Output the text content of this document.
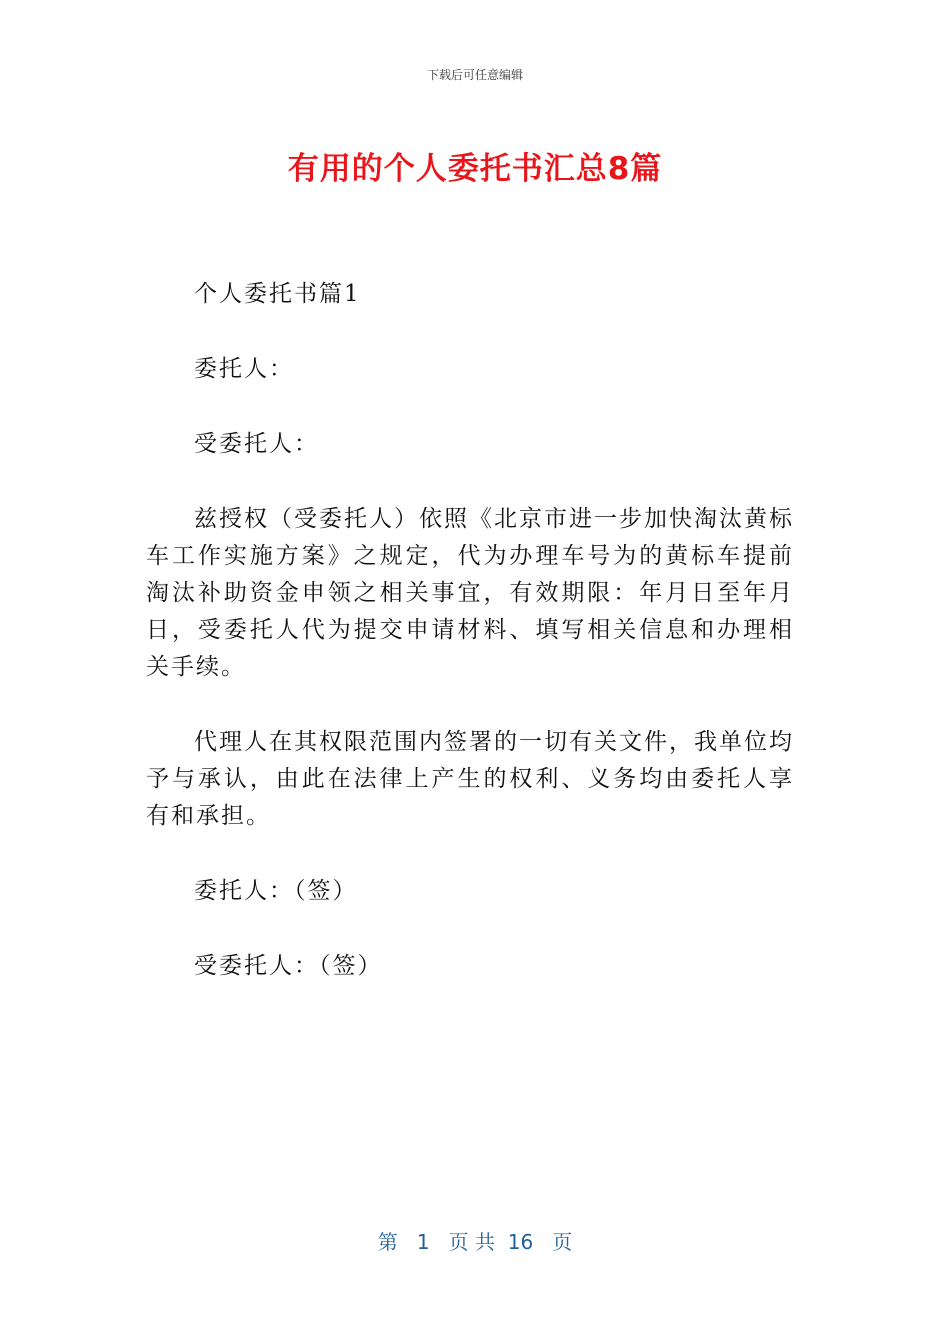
下载后可任意编辑
有用的个人委托书汇总8篇

个人委托书篇1

委托人：

受委托人：

兹授权（受委托人）依照《北京市进一步加快淘汰黄标车工作实施方案》之规定，代为办理车号为的黄标车提前淘汰补助资金申领之相关事宜，有效期限：年月日至年月日，受委托人代为提交申请材料、填写相关信息和办理相关手续。

代理人在其权限范围内签署的一切有关文件，我单位均予与承认，由此在法律上产生的权利、义务均由委托人享有和承担。

委托人：（签）

受委托人：（签）

第 1 页 共 16 页
